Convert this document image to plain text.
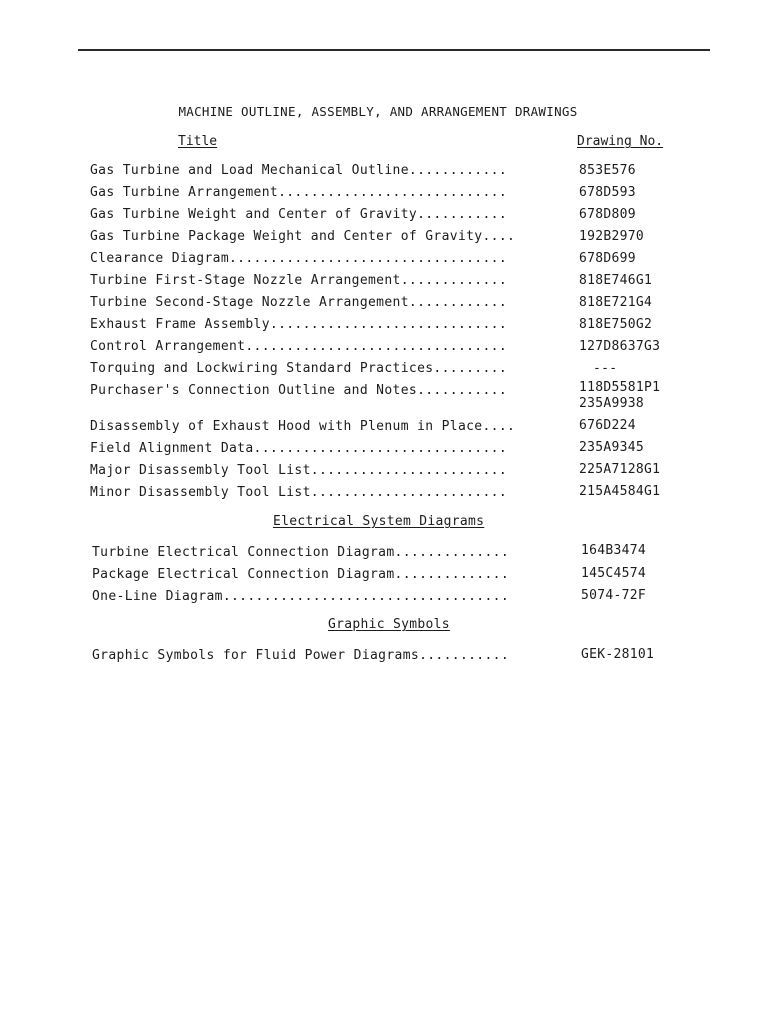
MACHINE OUTLINE, ASSEMBLY, AND ARRANGEMENT DRAWINGS
Title	Drawing No.
Gas Turbine and Load Mechanical Outline............	853E576
Gas Turbine Arrangement............................	678D593
Gas Turbine Weight and Center of Gravity...........	678D809
Gas Turbine Package Weight and Center of Gravity....	192B2970
Clearance Diagram..................................	678D699
Turbine First-Stage Nozzle Arrangement.............	818E746G1
Turbine Second-Stage Nozzle Arrangement............	818E721G4
Exhaust Frame Assembly.............................	818E750G2
Control Arrangement................................	127D8637G3
Torquing and Lockwiring Standard Practices.........	---
Purchaser's Connection Outline and Notes...........	118D5581P1
235A9938
Disassembly of Exhaust Hood with Plenum in Place....	676D224
Field Alignment Data...............................	235A9345
Major Disassembly Tool List........................	225A7128G1
Minor Disassembly Tool List........................	215A4584G1
Electrical System Diagrams
Turbine Electrical Connection Diagram..............	164B3474
Package Electrical Connection Diagram..............	145C4574
One-Line Diagram...................................	5074-72F
Graphic Symbols
Graphic Symbols for Fluid Power Diagrams...........	GEK-28101
